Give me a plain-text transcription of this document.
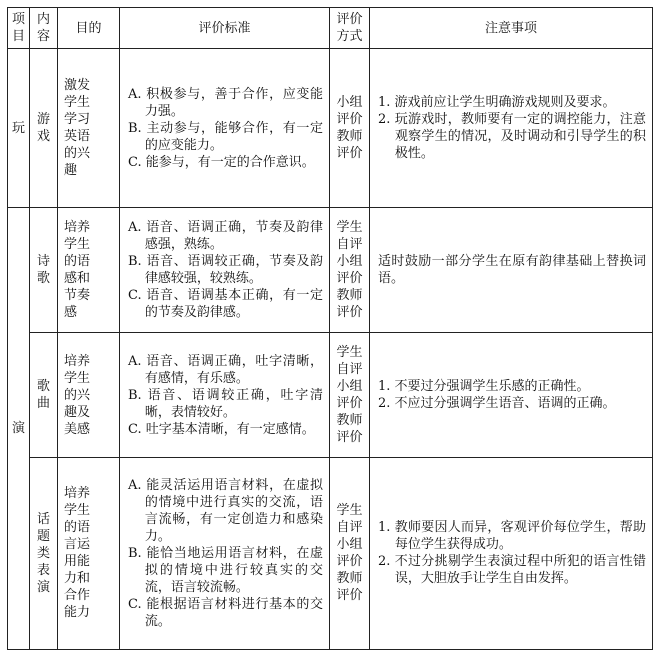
项目	内容	目的	评价标准	评价方式	注意事项
玩	游戏	激发学生学习英语的兴趣	A. 积极参与，善于合作，应变能力强。
B. 主动参与，能够合作，有一定的应变能力。
C. 能参与，有一定的合作意识。	小组评价教师评价	1. 游戏前应让学生明确游戏规则及要求。
2. 玩游戏时，教师要有一定的调控能力，注意观察学生的情况，及时调动和引导学生的积极性。

演	诗歌	培养学生的语感和节奏感	A. 语音、语调正确，节奏及韵律感强，熟练。
B. 语音、语调较正确，节奏及韵律感较强，较熟练。
C. 语音、语调基本正确，有一定的节奏及韵律感。	学生自评小组评价教师评价	适时鼓励一部分学生在原有韵律基础上替换词语。

	歌曲	培养学生的兴趣及美感	A. 语音、语调正确，吐字清晰，有感情，有乐感。
B. 语音、语调较正确，吐字清晰，表情较好。
C. 吐字基本清晰，有一定感情。	学生自评小组评价教师评价	1. 不要过分强调学生乐感的正确性。
2. 不应过分强调学生语音、语调的正确。

	话题类表演	培养学生的语言运用能力和合作能力	A. 能灵活运用语言材料，在虚拟的情境中进行真实的交流，语言流畅，有一定创造力和感染力。
B. 能恰当地运用语言材料，在虚拟的情境中进行较真实的交流，语言较流畅。
C. 能根据语言材料进行基本的交流。	学生自评小组评价教师评价	1. 教师要因人而异，客观评价每位学生，帮助每位学生获得成功。
2. 不过分挑剔学生表演过程中所犯的语言性错误，大胆放手让学生自由发挥。
